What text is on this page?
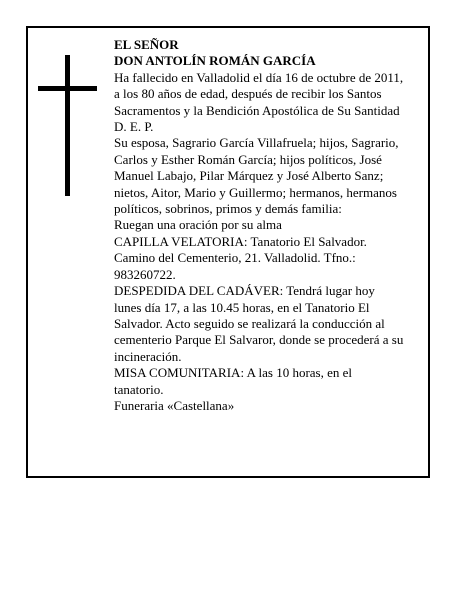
EL SEÑOR
DON ANTOLÍN ROMÁN GARCÍA

Ha fallecido en Valladolid el día 16 de octubre de 2011,
a los 80 años de edad, después de recibir los Santos
Sacramentos y la Bendición Apostólica de Su Santidad
D. E. P.

Su esposa, Sagrario García Villafruela; hijos, Sagrario,
Carlos y Esther Román García; hijos políticos, José
Manuel Labajo, Pilar Márquez y José Alberto Sanz;
nietos, Aitor, Mario y Guillermo; hermanos, hermanos
políticos, sobrinos, primos y demás familia:

Ruegan una oración por su alma

CAPILLA VELATORIA: Tanatorio El Salvador.
Camino del Cementerio, 21. Valladolid. Tfno.:
983260722.

DESPEDIDA DEL CADÁVER: Tendrá lugar hoy
lunes día 17, a las 10.45 horas, en el Tanatorio El
Salvador. Acto seguido se realizará la conducción al
cementerio Parque El Salvaror, donde se procederá a su
incineración.

MISA COMUNITARIA: A las 10 horas, en el
tanatorio.

Funeraria «Castellana»
